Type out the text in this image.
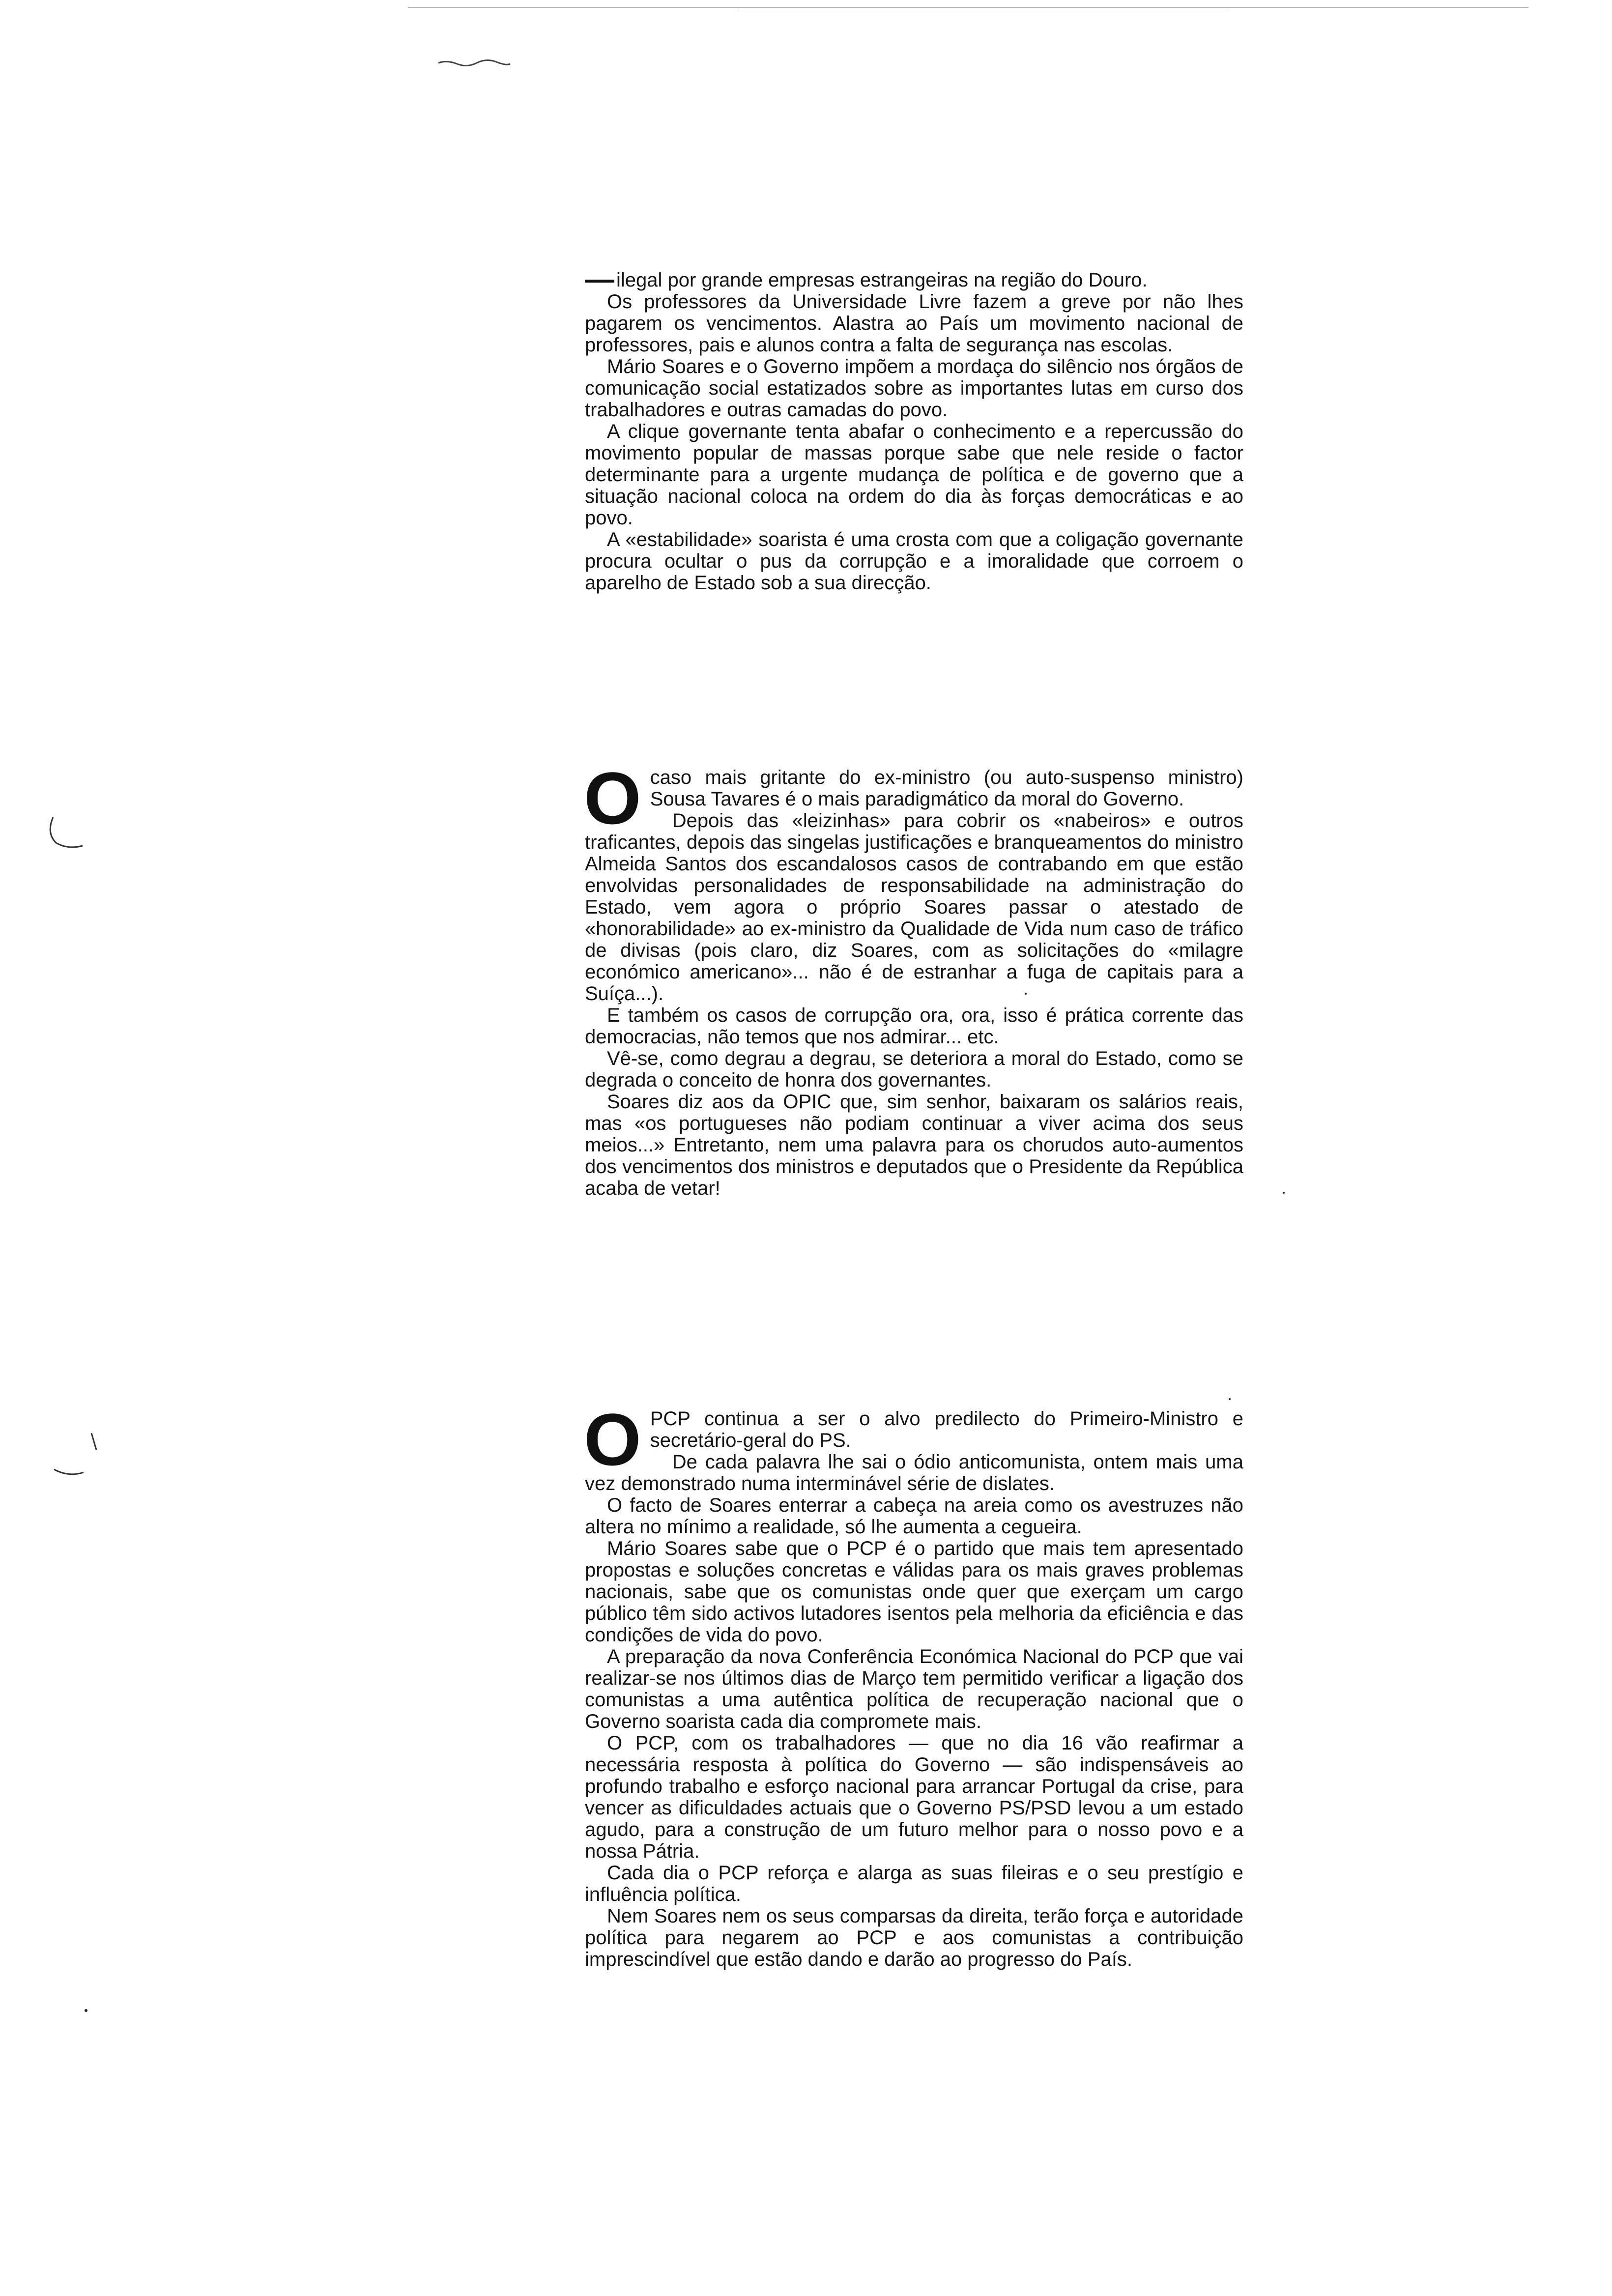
ilegal por grande empresas estrangeiras na região do Douro.

Os professores da Universidade Livre fazem a greve por não lhes pagarem os vencimentos. Alastra ao País um movimento nacional de professores, pais e alunos contra a falta de segurança nas escolas.

Mário Soares e o Governo impõem a mordaça do silêncio nos órgãos de comunicação social estatizados sobre as importantes lutas em curso dos trabalhadores e outras camadas do povo.

A clique governante tenta abafar o conhecimento e a repercussão do movimento popular de massas porque sabe que nele reside o factor determinante para a urgente mudança de política e de governo que a situação nacional coloca na ordem do dia às forças democráticas e ao povo.

A «estabilidade» soarista é uma crosta com que a coligação governante procura ocultar o pus da corrupção e a imoralidade que corroem o aparelho de Estado sob a sua direcção.

O caso mais gritante do ex-ministro (ou auto-suspenso ministro) Sousa Tavares é o mais paradigmático da moral do Governo.

Depois das «leizinhas» para cobrir os «nabeiros» e outros traficantes, depois das singelas justificações e branqueamentos do ministro Almeida Santos dos escandalosos casos de contrabando em que estão envolvidas personalidades de responsabilidade na administração do Estado, vem agora o próprio Soares passar o atestado de «honorabilidade» ao ex-ministro da Qualidade de Vida num caso de tráfico de divisas (pois claro, diz Soares, com as solicitações do «milagre económico americano»... não é de estranhar a fuga de capitais para a Suíça...).

E também os casos de corrupção ora, ora, isso é prática corrente das democracias, não temos que nos admirar... etc.

Vê-se, como degrau a degrau, se deteriora a moral do Estado, como se degrada o conceito de honra dos governantes.

Soares diz aos da OPIC que, sim senhor, baixaram os salários reais, mas «os portugueses não podiam continuar a viver acima dos seus meios...» Entretanto, nem uma palavra para os chorudos auto-aumentos dos vencimentos dos ministros e deputados que o Presidente da República acaba de vetar!

O PCP continua a ser o alvo predilecto do Primeiro-Ministro e secretário-geral do PS.

De cada palavra lhe sai o ódio anticomunista, ontem mais uma vez demonstrado numa interminável série de dislates.

O facto de Soares enterrar a cabeça na areia como os avestruzes não altera no mínimo a realidade, só lhe aumenta a cegueira.

Mário Soares sabe que o PCP é o partido que mais tem apresentado propostas e soluções concretas e válidas para os mais graves problemas nacionais, sabe que os comunistas onde quer que exerçam um cargo público têm sido activos lutadores isentos pela melhoria da eficiência e das condições de vida do povo.

A preparação da nova Conferência Económica Nacional do PCP que vai realizar-se nos últimos dias de Março tem permitido verificar a ligação dos comunistas a uma autêntica política de recuperação nacional que o Governo soarista cada dia compromete mais.

O PCP, com os trabalhadores — que no dia 16 vão reafirmar a necessária resposta à política do Governo — são indispensáveis ao profundo trabalho e esforço nacional para arrancar Portugal da crise, para vencer as dificuldades actuais que o Governo PS/PSD levou a um estado agudo, para a construção de um futuro melhor para o nosso povo e a nossa Pátria.

Cada dia o PCP reforça e alarga as suas fileiras e o seu prestígio e influência política.

Nem Soares nem os seus comparsas da direita, terão força e autoridade política para negarem ao PCP e aos comunistas a contribuição imprescindível que estão dando e darão ao progresso do País.
